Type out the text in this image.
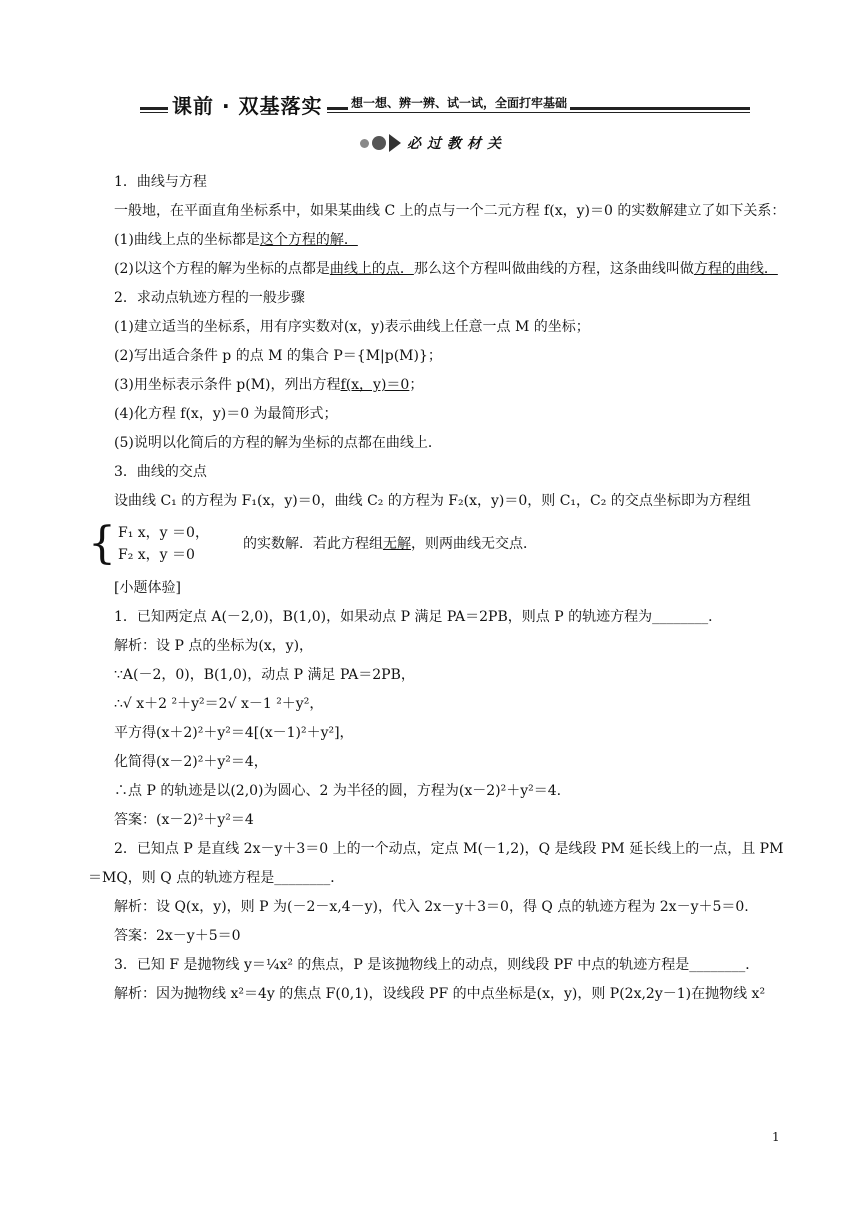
课前 · 双基落实	想一想、辨一辨、试一试，全面打牢基础
必过教材关

1．曲线与方程

一般地，在平面直角坐标系中，如果某曲线 C 上的点与一个二元方程 f(x，y)＝0 的实数解建立了如下关系：

(1)曲线上点的坐标都是这个方程的解．

(2)以这个方程的解为坐标的点都是曲线上的点．那么这个方程叫做曲线的方程，这条曲线叫做方程的曲线．

2．求动点轨迹方程的一般步骤

(1)建立适当的坐标系，用有序实数对(x，y)表示曲线上任意一点 M 的坐标；

(2)写出适合条件 p 的点 M 的集合 P＝{M|p(M)}；

(3)用坐标表示条件 p(M)，列出方程f(x，y)＝0；

(4)化方程 f(x，y)＝0 为最简形式；

(5)说明以化简后的方程的解为坐标的点都在曲线上．

3．曲线的交点

设曲线 C₁ 的方程为 F₁(x，y)＝0，曲线 C₂ 的方程为 F₂(x，y)＝0，则 C₁，C₂ 的交点坐标即为方程组

{ F₁ x，y ＝0，
F₂ x，y ＝0
的实数解．若此方程组无解，则两曲线无交点．

[小题体验]

1．已知两定点 A(－2,0)，B(1,0)，如果动点 P 满足 PA＝2PB，则点 P 的轨迹方程为________．

解析：设 P 点的坐标为(x，y)，

∵A(－2，0)，B(1,0)，动点 P 满足 PA＝2PB，

∴√ x＋2 ²＋y²＝2√ x－1 ²＋y²，

平方得(x＋2)²＋y²＝4[(x－1)²＋y²]，

化简得(x－2)²＋y²＝4，

∴点 P 的轨迹是以(2,0)为圆心、2 为半径的圆，方程为(x－2)²＋y²＝4.

答案：(x－2)²＋y²＝4

2．已知点 P 是直线 2x－y＋3＝0 上的一个动点，定点 M(－1,2)，Q 是线段 PM 延长线上的一点，且 PM＝MQ，则 Q 点的轨迹方程是________．

解析：设 Q(x，y)，则 P 为(－2－x,4－y)，代入 2x－y＋3＝0，得 Q 点的轨迹方程为 2x－y＋5＝0.

答案：2x－y＋5＝0

3．已知 F 是抛物线 y＝¼x² 的焦点，P 是该抛物线上的动点，则线段 PF 中点的轨迹方程是________．

解析：因为抛物线 x²＝4y 的焦点 F(0,1)，设线段 PF 的中点坐标是(x，y)，则 P(2x,2y－1)在抛物线 x²

1
